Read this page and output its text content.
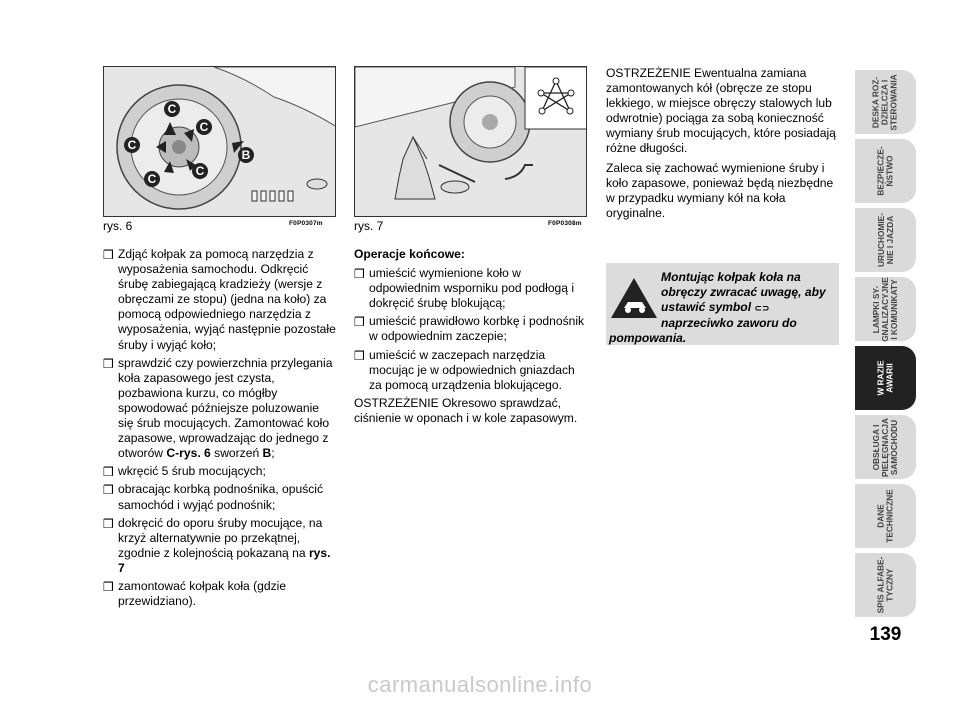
C
C
C
C
C
B
rys. 6	F0P0307m	rys. 7	F0P0308m
❒ Zdjąć kołpak za pomocą narzędzia z wyposażenia samochodu. Odkręcić śrubę zabiegającą kradzieży (wersje z obręczami ze stopu) (jedna na koło) za pomocą odpowiedniego narzędzia z wyposażenia, wyjąć następnie pozostałe śruby i wyjąć koło;
❒ sprawdzić czy powierzchnia przylegania koła zapasowego jest czysta, pozbawiona kurzu, co mógłby spowodować późniejsze poluzowanie się śrub mocujących. Zamontować koło zapasowe, wprowadzając do jednego z otworów C-rys. 6 sworzeń B;
❒ wkręcić 5 śrub mocujących;
❒ obracając korbką podnośnika, opuścić samochód i wyjąć podnośnik;
❒ dokręcić do oporu śruby mocujące, na krzyż alternatywnie po przekątnej, zgodnie z kolejnością pokazaną na rys. 7
❒ zamontować kołpak koła (gdzie przewidziano).

Operacje końcowe:

❒ umieścić wymienione koło w odpowiednim wsporniku pod podłogą i dokręcić śrubę blokującą;
❒ umieścić prawidłowo korbkę i podnośnik w odpowiednim zaczepie;
❒ umieścić w zaczepach narzędzia mocując je w odpowiednich gniazdach za pomocą urządzenia blokującego.

OSTRZEŻENIE Okresowo sprawdzać, ciśnienie w oponach i w kole zapasowym.

OSTRZEŻENIE Ewentualna zamiana zamontowanych kół (obręcze ze stopu lekkiego, w miejsce obręczy stalowych lub odwrotnie) pociąga za sobą konieczność wymiany śrub mocujących, które posiadają różne długości.

Zaleca się zachować wymienione śruby i koło zapasowe, ponieważ będą niezbędne w przypadku wymiany kół na koła oryginalne.

Montując kołpak koła na obręczy zwracać uwagę, aby ustawić symbol ⊂⊃ naprzeciwko zaworu do pompowania.
DESKA ROZ-
DZIELCZA I
STEROWANIA
BEZPIECZE-
ŃSTWO
URUCHOMIE-
NIE I JAZDA
LAMPKI SY-
GNALIZACYJNE
I KOMUNIKATY
W RAZIE
AWARII
OBSŁUGA I
PIELĘGNACJA
SAMOCHODU
DANE
TECHNICZNE
SPIS ALFABE-
TYCZNY
139
carmanualsonline.info
